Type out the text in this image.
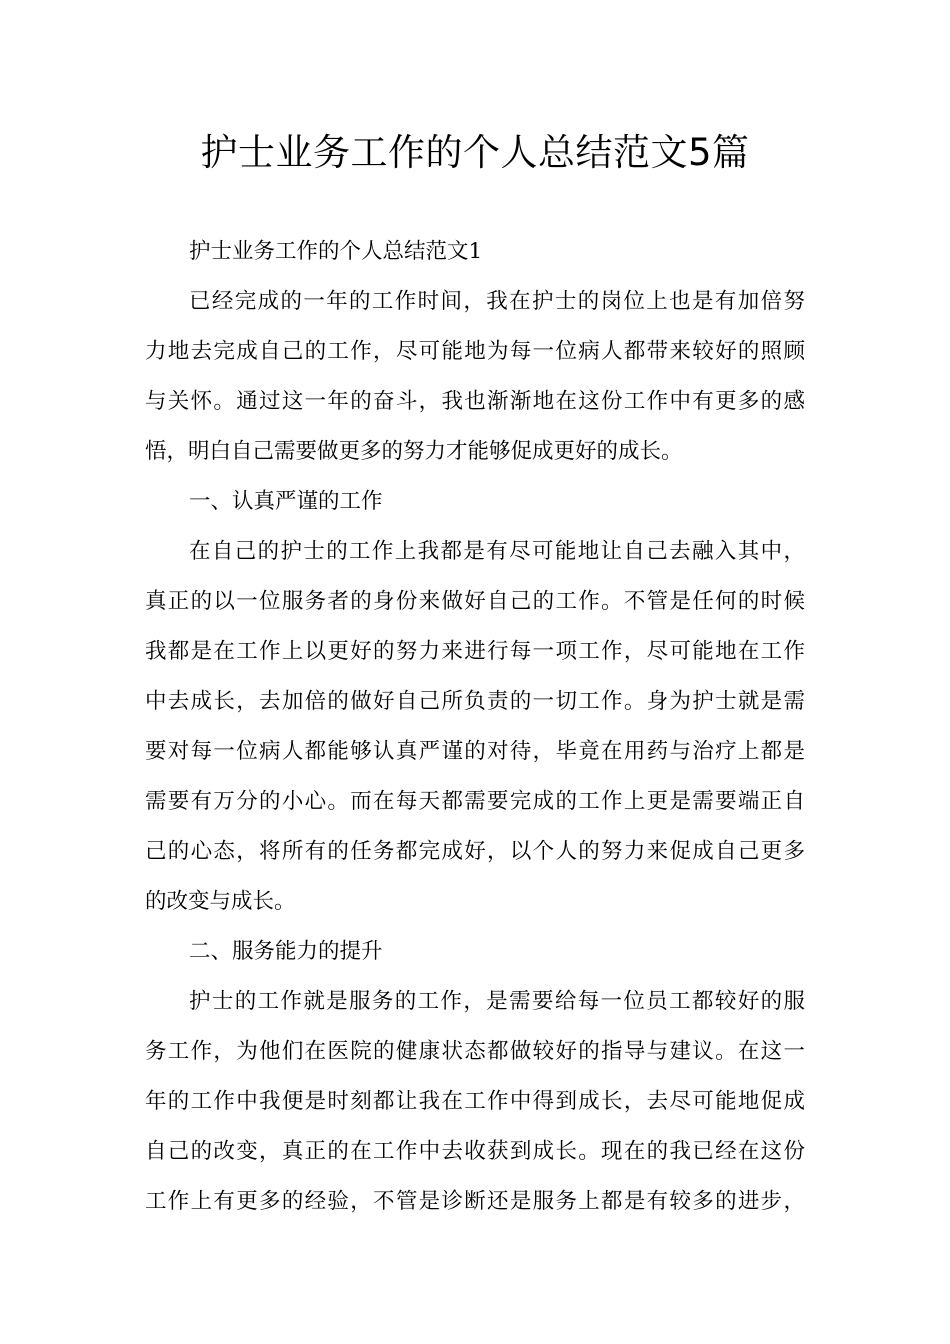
护士业务工作的个人总结范文5篇
护士业务工作的个人总结范文1
已经完成的一年的工作时间，我在护士的岗位上也是有加倍努
力地去完成自己的工作，尽可能地为每一位病人都带来较好的照顾
与关怀。通过这一年的奋斗，我也渐渐地在这份工作中有更多的感
悟，明白自己需要做更多的努力才能够促成更好的成长。
一、认真严谨的工作
在自己的护士的工作上我都是有尽可能地让自己去融入其中，
真正的以一位服务者的身份来做好自己的工作。不管是任何的时候
我都是在工作上以更好的努力来进行每一项工作，尽可能地在工作
中去成长，去加倍的做好自己所负责的一切工作。身为护士就是需
要对每一位病人都能够认真严谨的对待，毕竟在用药与治疗上都是
需要有万分的小心。而在每天都需要完成的工作上更是需要端正自
己的心态，将所有的任务都完成好，以个人的努力来促成自己更多
的改变与成长。
二、服务能力的提升
护士的工作就是服务的工作，是需要给每一位员工都较好的服
务工作，为他们在医院的健康状态都做较好的指导与建议。在这一
年的工作中我便是时刻都让我在工作中得到成长，去尽可能地促成
自己的改变，真正的在工作中去收获到成长。现在的我已经在这份
工作上有更多的经验，不管是诊断还是服务上都是有较多的进步，
